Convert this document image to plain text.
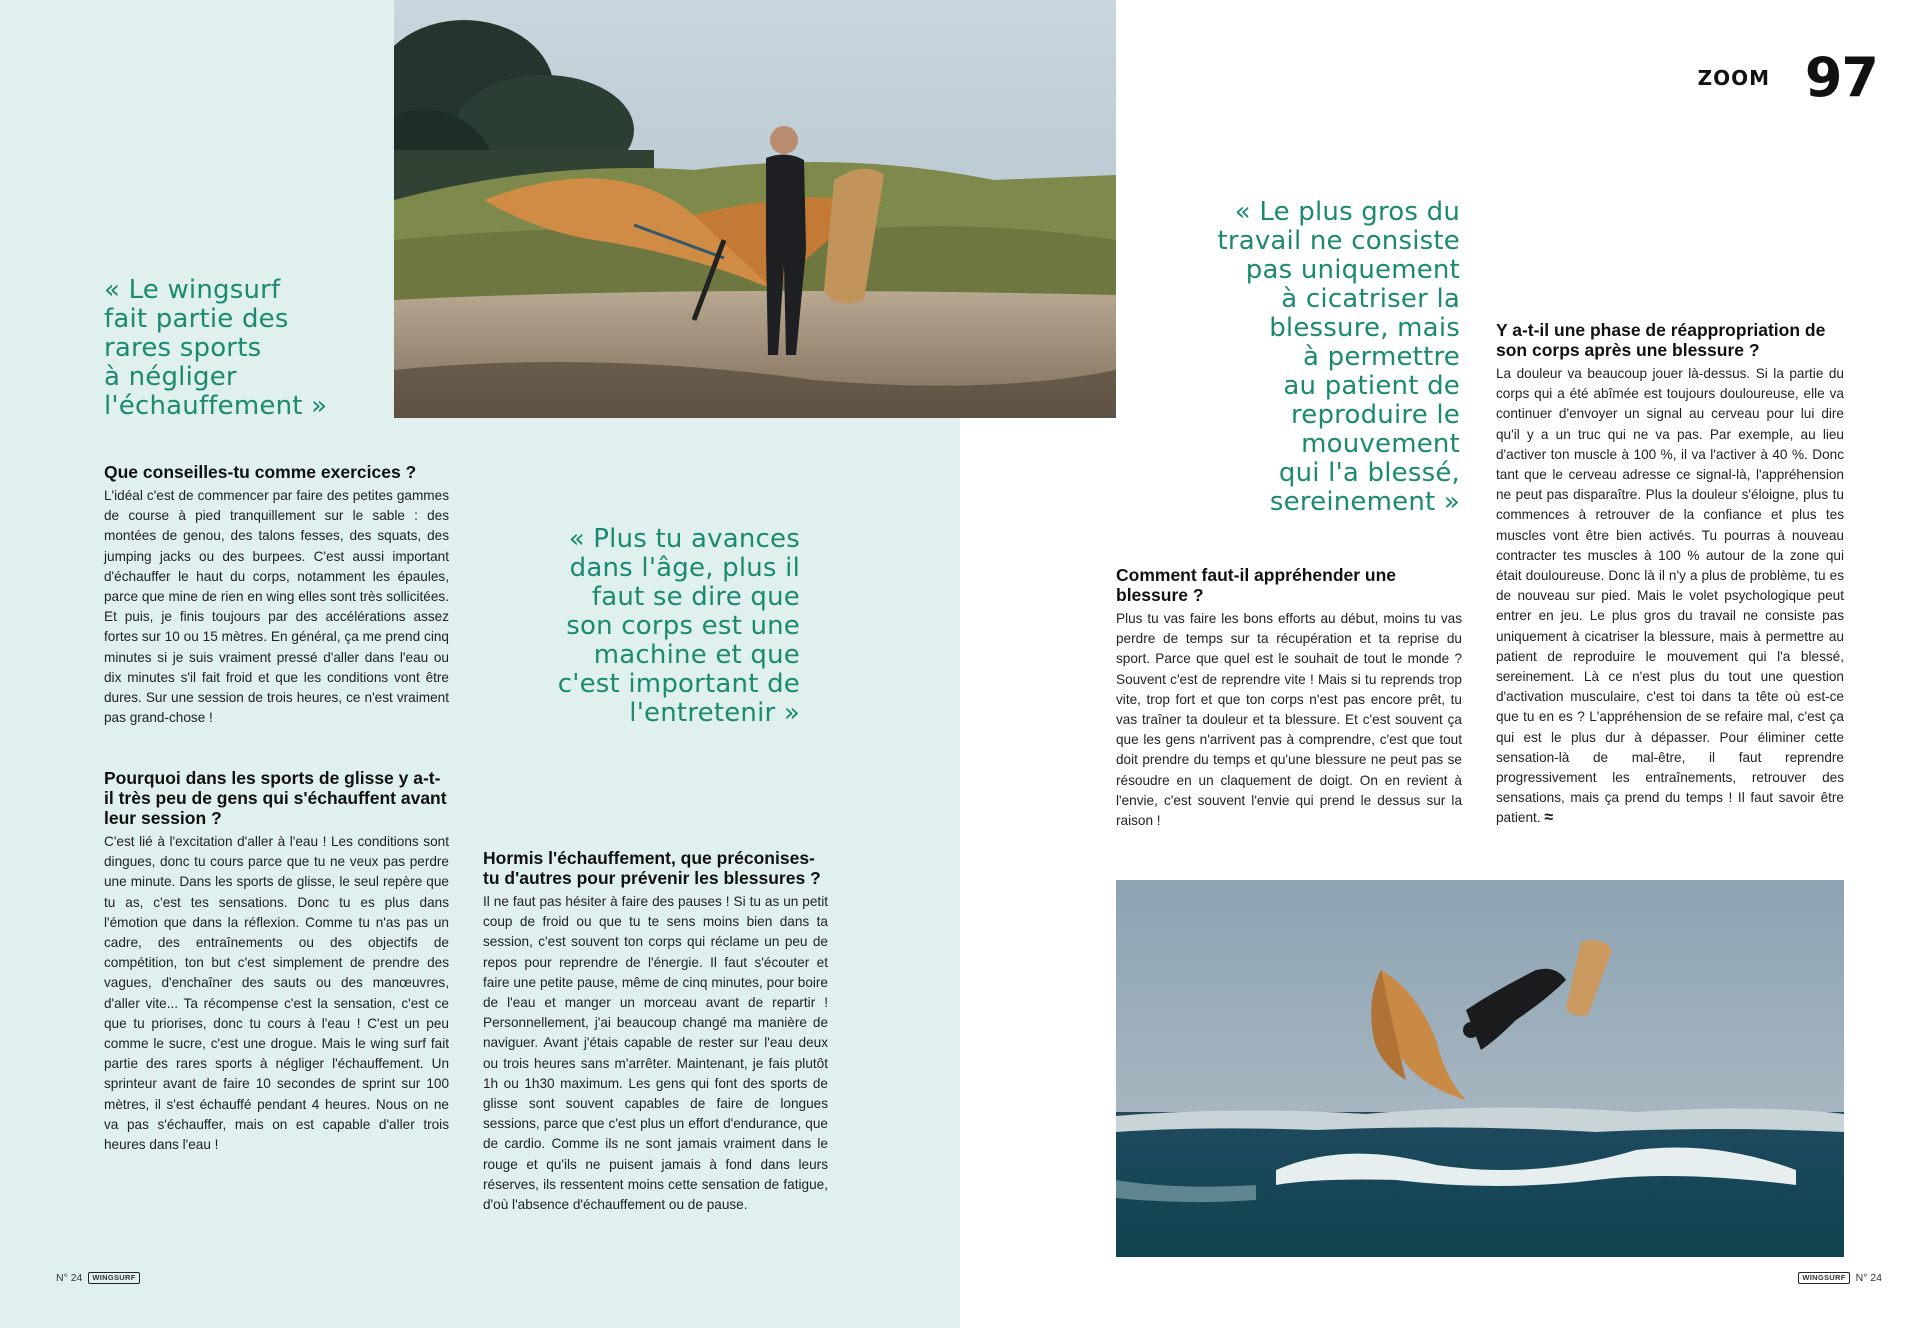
ZOOM 97
« Le wingsurf
fait partie des
rares sports
à négliger
l'échauffement »
« Plus tu avances
dans l'âge, plus il
faut se dire que
son corps est une
machine et que
c'est important de
l'entretenir »
« Le plus gros du
travail ne consiste
pas uniquement
à cicatriser la
blessure, mais
à permettre
au patient de
reproduire le
mouvement
qui l'a blessé,
sereinement »

Que conseilles-tu comme exercices ?

L'idéal c'est de commencer par faire des petites gammes de course à pied tranquillement sur le sable : des montées de genou, des talons fesses, des squats, des jumping jacks ou des burpees. C'est aussi important d'échauffer le haut du corps, notamment les épaules, parce que mine de rien en wing elles sont très sollicitées. Et puis, je finis toujours par des accélérations assez fortes sur 10 ou 15 mètres. En général, ça me prend cinq minutes si je suis vraiment pressé d'aller dans l'eau ou dix minutes s'il fait froid et que les conditions vont être dures. Sur une session de trois heures, ce n'est vraiment pas grand-chose !

Pourquoi dans les sports de glisse y a-t-il très peu de gens qui s'échauffent avant leur session ?

C'est lié à l'excitation d'aller à l'eau ! Les conditions sont dingues, donc tu cours parce que tu ne veux pas perdre une minute. Dans les sports de glisse, le seul repère que tu as, c'est tes sensations. Donc tu es plus dans l'émotion que dans la réflexion. Comme tu n'as pas un cadre, des entraînements ou des objectifs de compétition, ton but c'est simplement de prendre des vagues, d'enchaîner des sauts ou des manœuvres, d'aller vite... Ta récompense c'est la sensation, c'est ce que tu priorises, donc tu cours à l'eau ! C'est un peu comme le sucre, c'est une drogue. Mais le wing surf fait partie des rares sports à négliger l'échauffement. Un sprinteur avant de faire 10 secondes de sprint sur 100 mètres, il s'est échauffé pendant 4 heures. Nous on ne va pas s'échauffer, mais on est capable d'aller trois heures dans l'eau !

Hormis l'échauffement, que préconises-tu d'autres pour prévenir les blessures ?

Il ne faut pas hésiter à faire des pauses ! Si tu as un petit coup de froid ou que tu te sens moins bien dans ta session, c'est souvent ton corps qui réclame un peu de repos pour reprendre de l'énergie. Il faut s'écouter et faire une petite pause, même de cinq minutes, pour boire de l'eau et manger un morceau avant de repartir ! Personnellement, j'ai beaucoup changé ma manière de naviguer. Avant j'étais capable de rester sur l'eau deux ou trois heures sans m'arrêter. Maintenant, je fais plutôt 1h ou 1h30 maximum. Les gens qui font des sports de glisse sont souvent capables de faire de longues sessions, parce que c'est plus un effort d'endurance, que de cardio. Comme ils ne sont jamais vraiment dans le rouge et qu'ils ne puisent jamais à fond dans leurs réserves, ils ressentent moins cette sensation de fatigue, d'où l'absence d'échauffement ou de pause.

Comment faut-il appréhender une blessure ?

Plus tu vas faire les bons efforts au début, moins tu vas perdre de temps sur ta récupération et ta reprise du sport. Parce que quel est le souhait de tout le monde ? Souvent c'est de reprendre vite ! Mais si tu reprends trop vite, trop fort et que ton corps n'est pas encore prêt, tu vas traîner ta douleur et ta blessure. Et c'est souvent ça que les gens n'arrivent pas à comprendre, c'est que tout doit prendre du temps et qu'une blessure ne peut pas se résoudre en un claquement de doigt. On en revient à l'envie, c'est souvent l'envie qui prend le dessus sur la raison !

Y a-t-il une phase de réappropriation de son corps après une blessure ?

La douleur va beaucoup jouer là-dessus. Si la partie du corps qui a été abîmée est toujours douloureuse, elle va continuer d'envoyer un signal au cerveau pour lui dire qu'il y a un truc qui ne va pas. Par exemple, au lieu d'activer ton muscle à 100 %, il va l'activer à 40 %. Donc tant que le cerveau adresse ce signal-là, l'appréhension ne peut pas disparaître. Plus la douleur s'éloigne, plus tu commences à retrouver de la confiance et plus tes muscles vont être bien activés. Tu pourras à nouveau contracter tes muscles à 100 % autour de la zone qui était douloureuse. Donc là il n'y a plus de problème, tu es de nouveau sur pied. Mais le volet psychologique peut entrer en jeu. Le plus gros du travail ne consiste pas uniquement à cicatriser la blessure, mais à permettre au patient de reproduire le mouvement qui l'a blessé, sereinement. Là ce n'est plus du tout une question d'activation musculaire, c'est toi dans ta tête où est-ce que tu en es ? L'appréhension de se refaire mal, c'est ça qui est le plus dur à dépasser. Pour éliminer cette sensation-là de mal-être, il faut reprendre progressivement les entraînements, retrouver des sensations, mais ça prend du temps ! Il faut savoir être patient. ≈

N° 24	WINGSURF	WINGSURF N° 24
